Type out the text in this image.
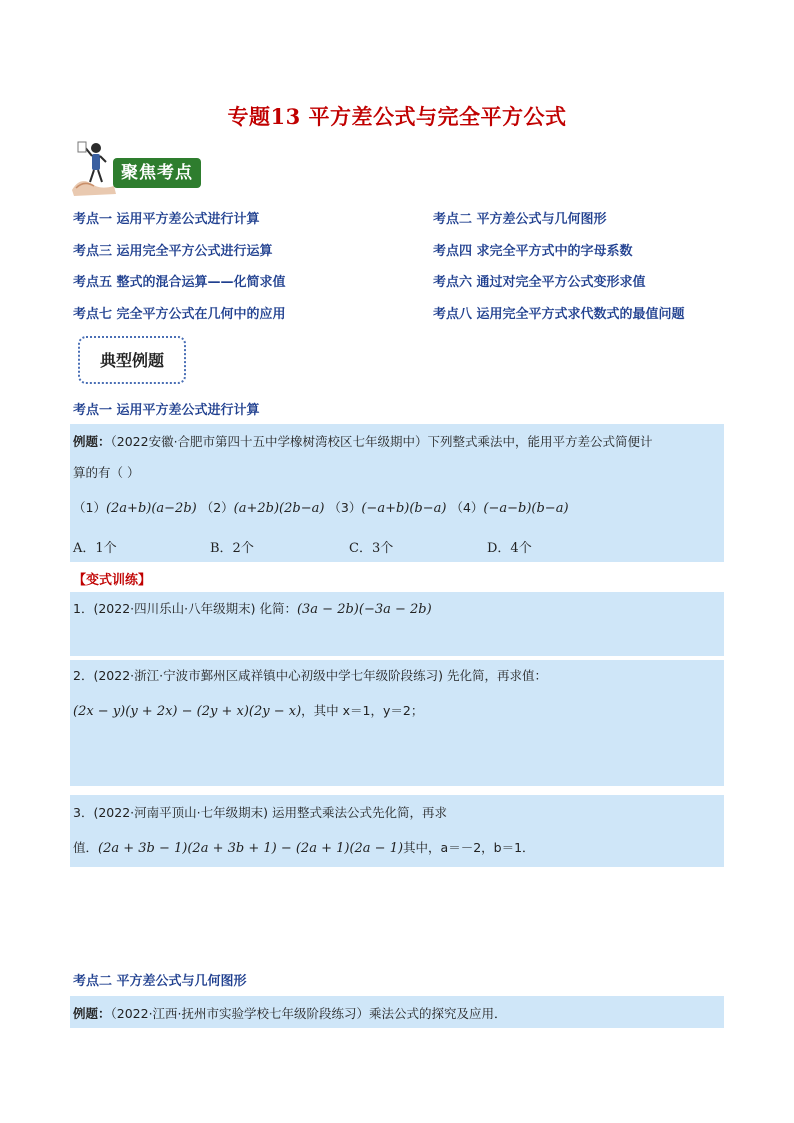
专题13 平方差公式与完全平方公式
聚焦考点
考点一 运用平方差公式进行计算	考点二 平方差公式与几何图形
考点三 运用完全平方公式进行运算	考点四 求完全平方式中的字母系数
考点五 整式的混合运算——化简求值	考点六 通过对完全平方公式变形求值
考点七 完全平方公式在几何中的应用	考点八 运用完全平方式求代数式的最值问题
典型例题
考点一 运用平方差公式进行计算
例题：（2022安徽·合肥市第四十五中学橡树湾校区七年级期中）下列整式乘法中，能用平方差公式简便计
算的有（ ）
（1）(2a+b)(a−2b) （2）(a+2b)(2b−a) （3）(−a+b)(b−a) （4）(−a−b)(b−a)
A．1个	B．2个	C．3个	D．4个
【变式训练】
1．(2022·四川乐山·八年级期末) 化简：(3a − 2b)(−3a − 2b)
2．(2022·浙江·宁波市鄞州区咸祥镇中心初级中学七年级阶段练习) 先化简，再求值：
(2x − y)(y + 2x) − (2y + x)(2y − x)，其中 x＝1，y＝2；
3．(2022·河南平顶山·七年级期末) 运用整式乘法公式先化简，再求
值．(2a + 3b − 1)(2a + 3b + 1) − (2a + 1)(2a − 1)其中，a＝－2，b＝1．
考点二 平方差公式与几何图形
例题：（2022·江西·抚州市实验学校七年级阶段练习）乘法公式的探究及应用．
